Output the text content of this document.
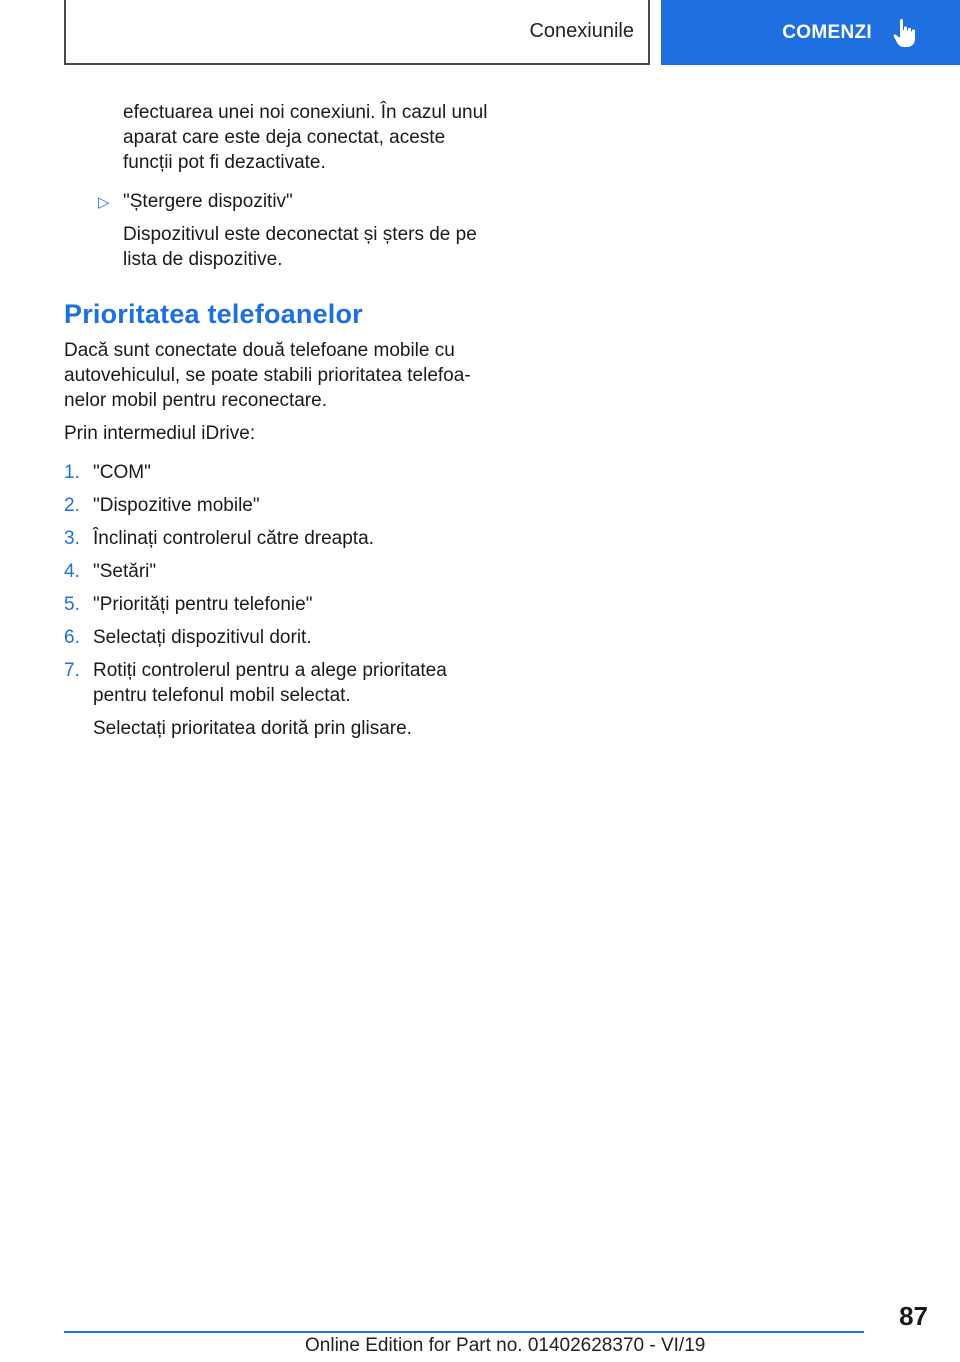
Conexiunile	COMENZI

efectuarea unei noi conexiuni. În cazul unul aparat care este deja conectat, aceste funcții pot fi dezactivate.

▷ "Ștergere dispozitiv"

Dispozitivul este deconectat și șters de pe lista de dispozitive.

Prioritatea telefoanelor

Dacă sunt conectate două telefoane mobile cu autovehiculul, se poate stabili prioritatea telefoanelor mobil pentru reconectare.

Prin intermediul iDrive:

1. "COM"
2. "Dispozitive mobile"
3. Înclinați controlerul către dreapta.
4. "Setări"
5. "Priorități pentru telefonie"
6. Selectați dispozitivul dorit.
7. Rotiți controlerul pentru a alege prioritatea pentru telefonul mobil selectat.

Selectați prioritatea dorită prin glisare.

87
Online Edition for Part no. 01402628370 - VI/19
